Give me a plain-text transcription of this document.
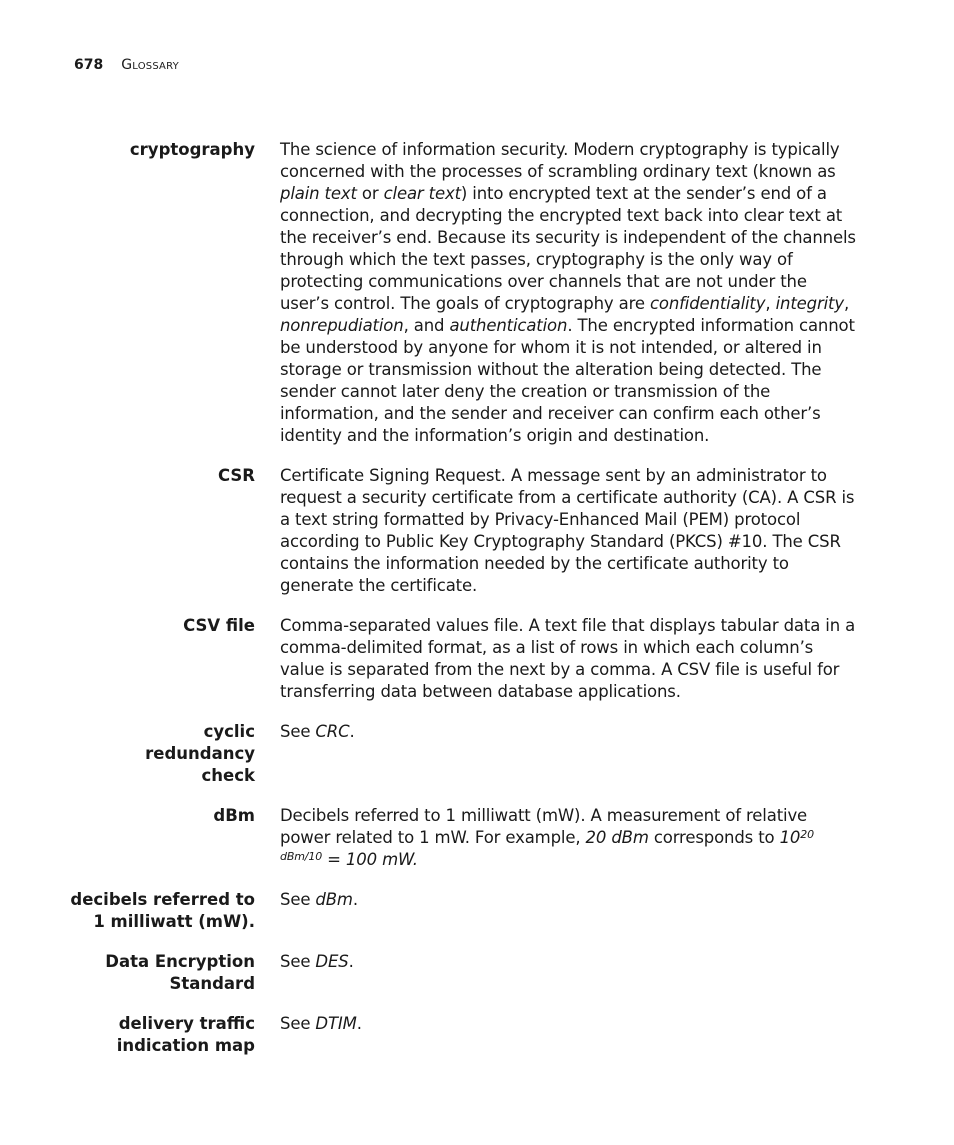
678 Glossary
cryptography The science of information security. Modern cryptography is typically concerned with the processes of scrambling ordinary text (known as plain text or clear text) into encrypted text at the sender’s end of a connection, and decrypting the encrypted text back into clear text at the receiver’s end. Because its security is independent of the channels through which the text passes, cryptography is the only way of protecting communications over channels that are not under the user’s control. The goals of cryptography are confidentiality, integrity, nonrepudiation, and authentication. The encrypted information cannot be understood by anyone for whom it is not intended, or altered in storage or transmission without the alteration being detected. The sender cannot later deny the creation or transmission of the information, and the sender and receiver can confirm each other’s identity and the information’s origin and destination.
CSR Certificate Signing Request. A message sent by an administrator to request a security certificate from a certificate authority (CA). A CSR is a text string formatted by Privacy-Enhanced Mail (PEM) protocol according to Public Key Cryptography Standard (PKCS) #10. The CSR contains the information needed by the certificate authority to generate the certificate.
CSV file Comma-separated values file. A text file that displays tabular data in a comma-delimited format, as a list of rows in which each column’s value is separated from the next by a comma. A CSV file is useful for transferring data between database applications.
cyclic redundancy check
See CRC.
dBm Decibels referred to 1 milliwatt (mW). A measurement of relative power related to 1 mW. For example, 20 dBm corresponds to $10^{20 dBm/10} = 100$ mW.
decibels referred to 1 milliwatt (mW).
See dBm.
Data Encryption Standard
See DES.
delivery traffic indication map
See DTIM.
